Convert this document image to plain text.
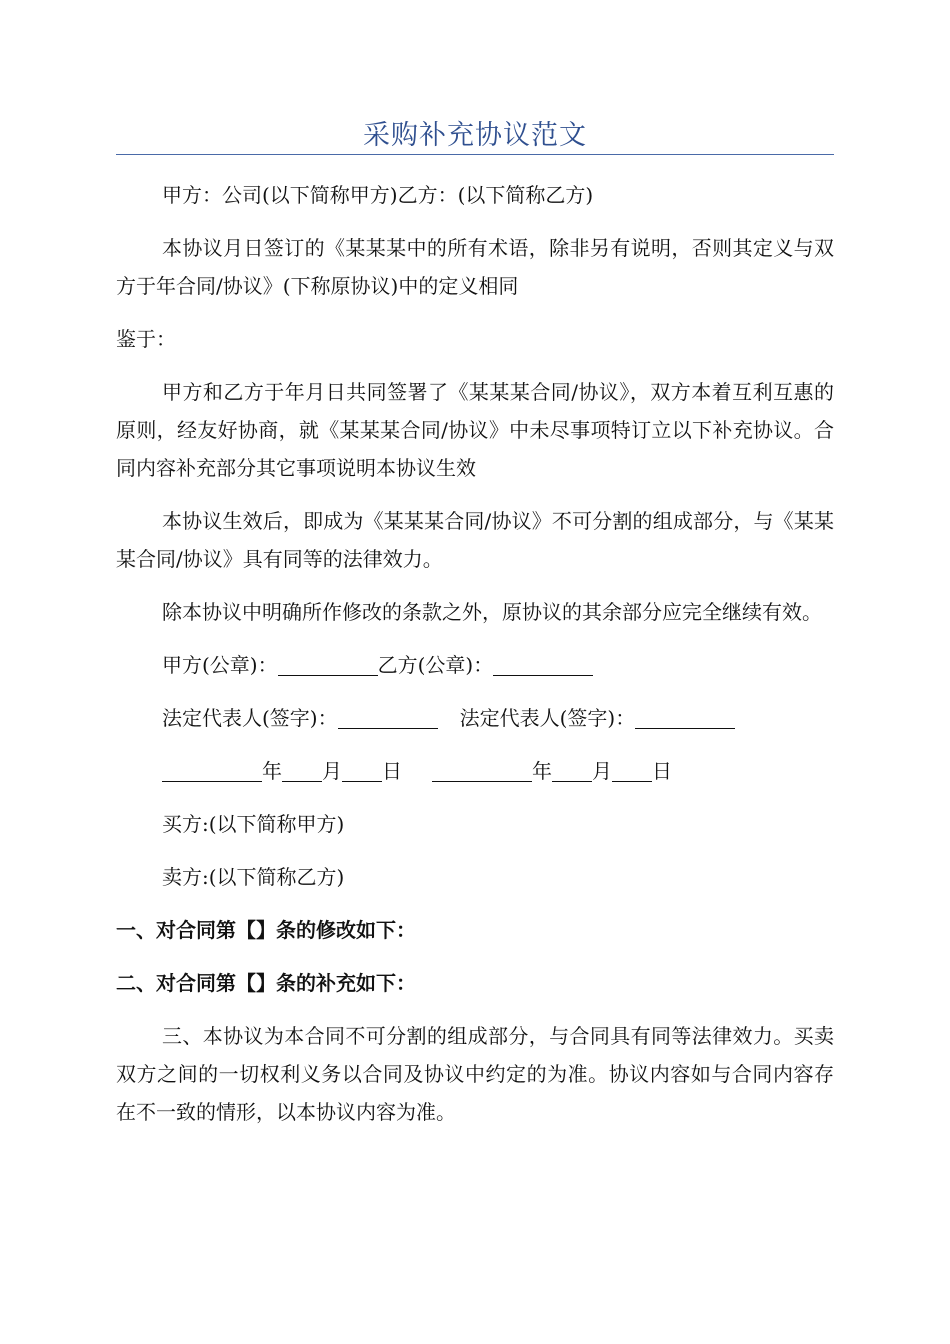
采购补充协议范文

甲方：公司(以下简称甲方)乙方：(以下简称乙方)

本协议月日签订的《某某某中的所有术语，除非另有说明，否则其定义与双方于年合同/协议》(下称原协议)中的定义相同

鉴于：

甲方和乙方于年月日共同签署了《某某某合同/协议》，双方本着互利互惠的原则，经友好协商，就《某某某合同/协议》中未尽事项特订立以下补充协议。合同内容补充部分其它事项说明本协议生效

本协议生效后，即成为《某某某合同/协议》不可分割的组成部分，与《某某某合同/协议》具有同等的法律效力。

除本协议中明确所作修改的条款之外，原协议的其余部分应完全继续有效。

甲方(公章)：	乙方(公章)：

法定代表人(签字)：	法定代表人(签字)：

年 月 日	年 月 日

买方:(以下简称甲方)

卖方:(以下简称乙方)

一、对合同第【】条的修改如下：

二、对合同第【】条的补充如下：

三、本协议为本合同不可分割的组成部分，与合同具有同等法律效力。买卖双方之间的一切权利义务以合同及协议中约定的为准。协议内容如与合同内容存在不一致的情形，以本协议内容为准。
